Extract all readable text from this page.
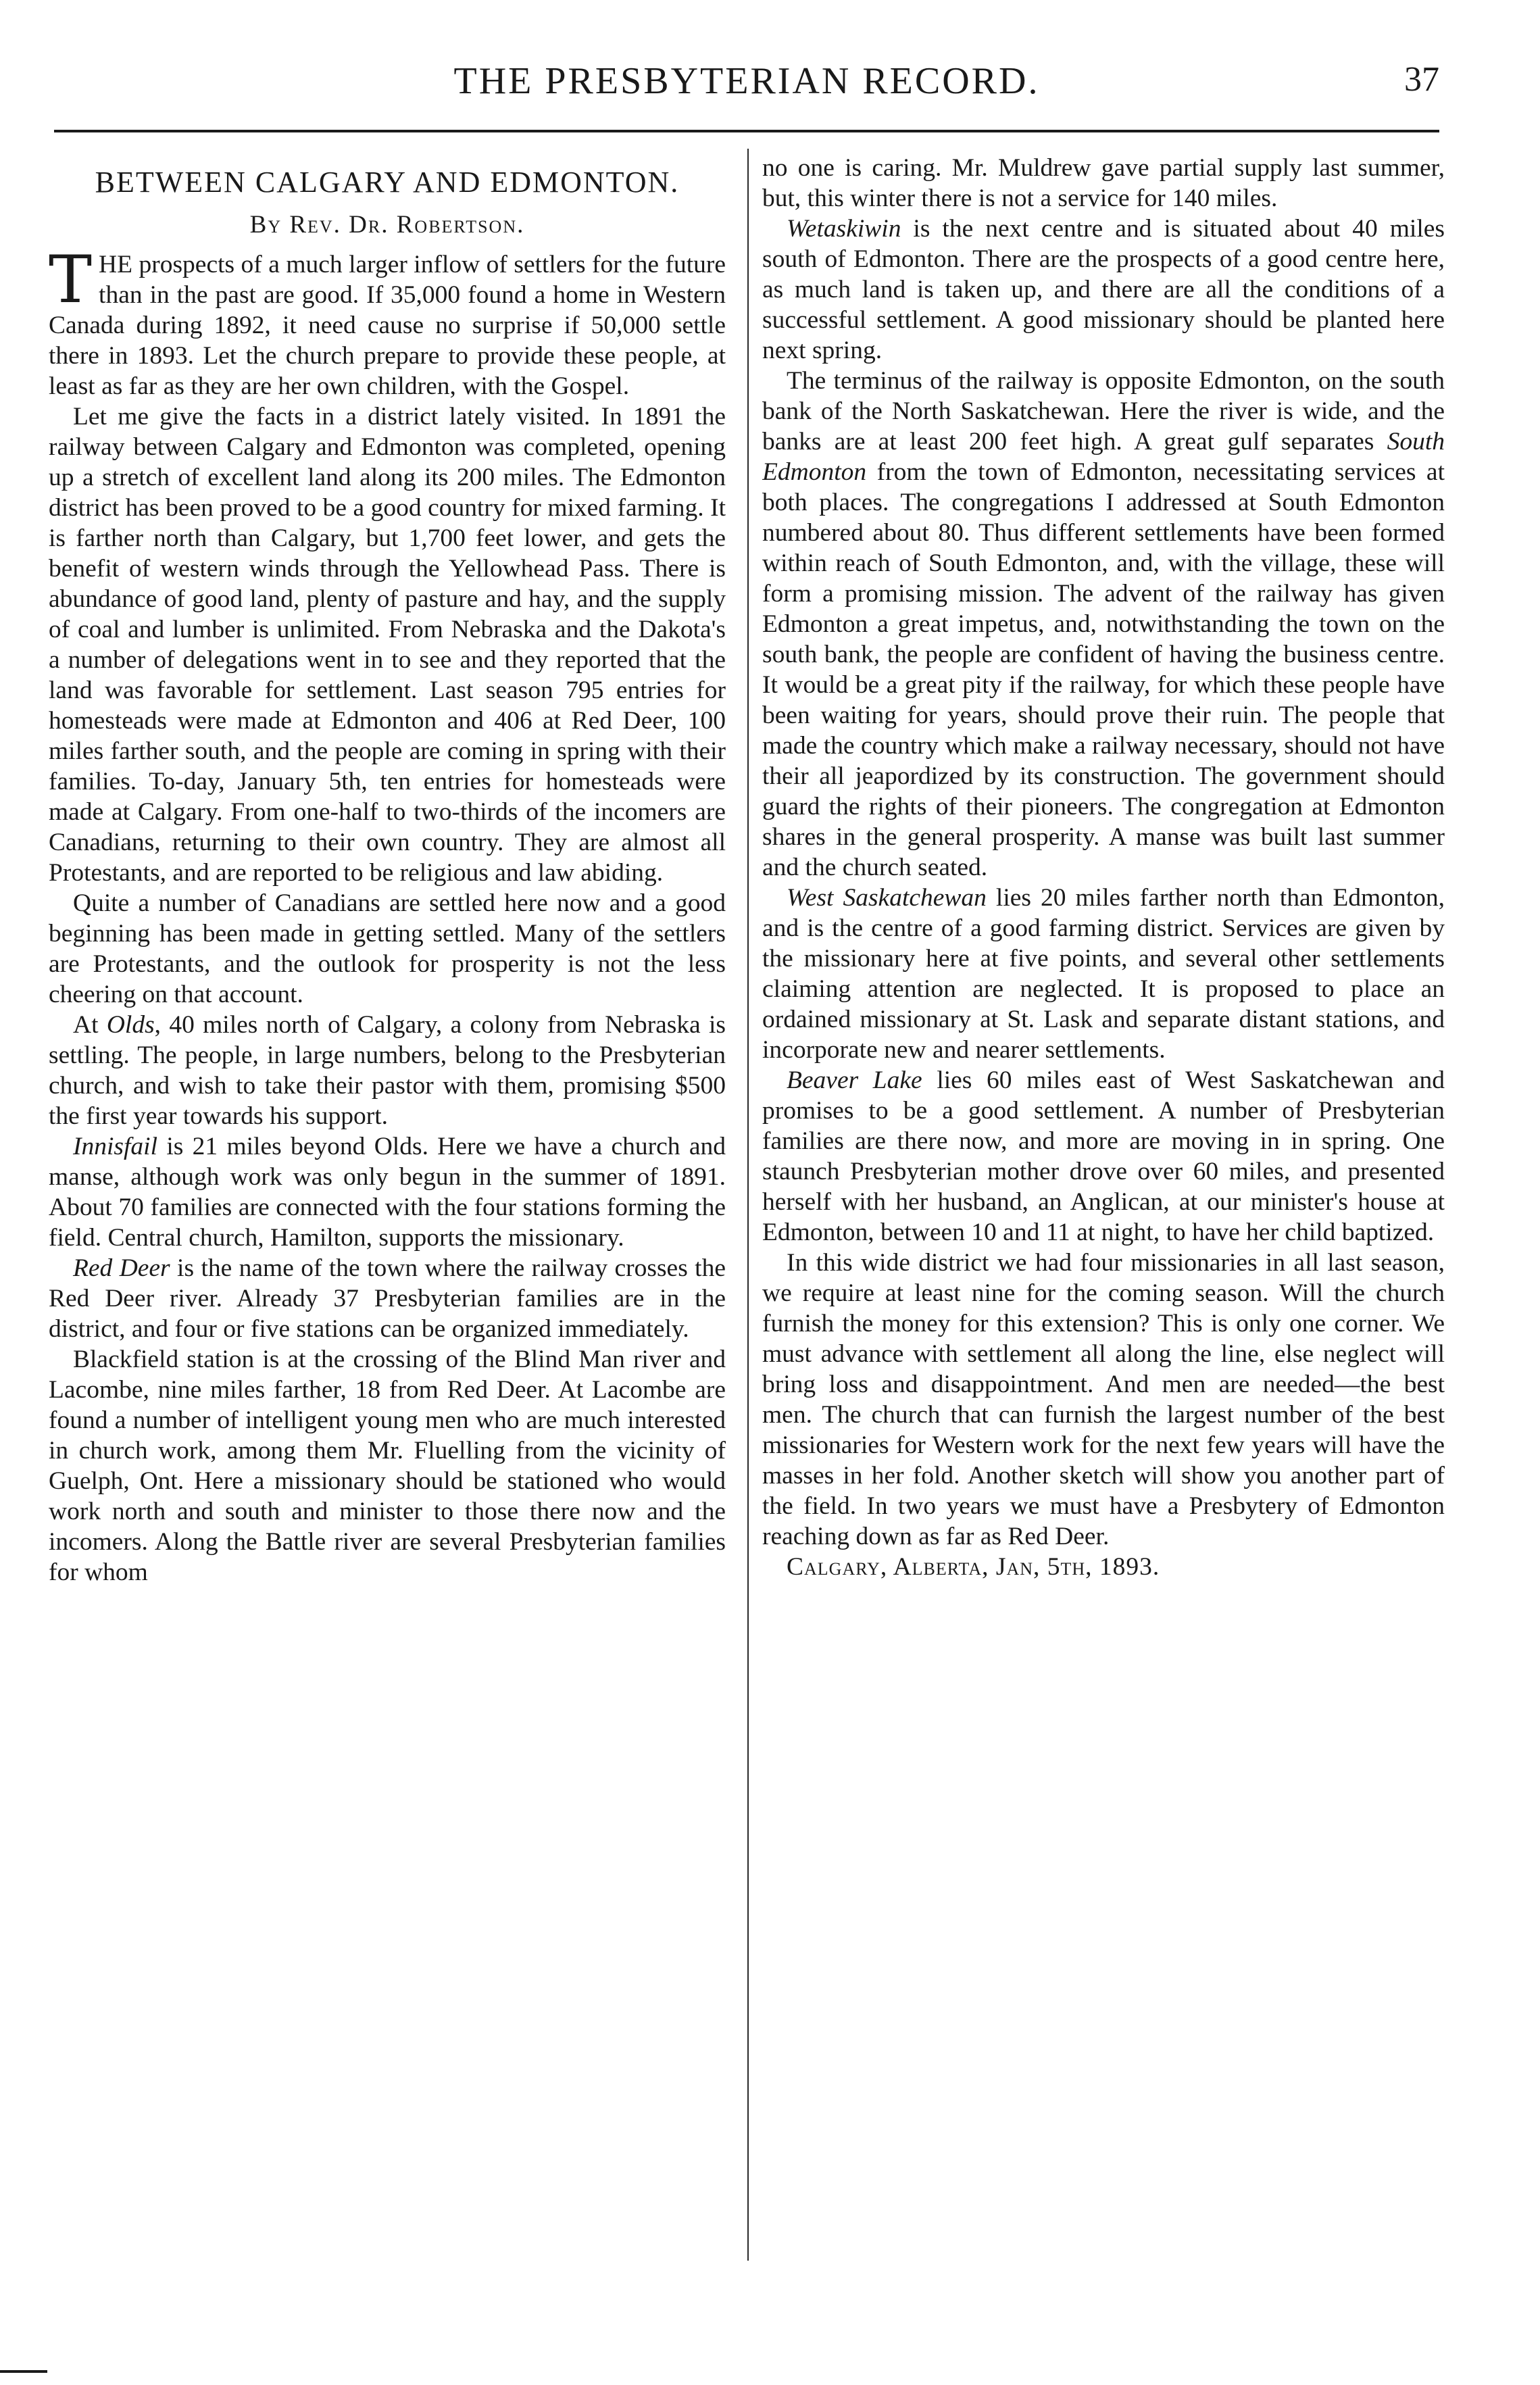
THE PRESBYTERIAN RECORD.	37
BETWEEN CALGARY AND EDMONTON.
By Rev. Dr. Robertson.

THE prospects of a much larger inflow of settlers for the future than in the past are good. If 35,000 found a home in Western Canada during 1892, it need cause no surprise if 50,000 settle there in 1893. Let the church prepare to provide these people, at least as far as they are her own children, with the Gospel.

Let me give the facts in a district lately visited. In 1891 the railway between Calgary and Edmonton was completed, opening up a stretch of excellent land along its 200 miles. The Edmonton district has been proved to be a good country for mixed farming. It is farther north than Calgary, but 1,700 feet lower, and gets the benefit of western winds through the Yellowhead Pass. There is abundance of good land, plenty of pasture and hay, and the supply of coal and lumber is unlimited. From Nebraska and the Dakota's a number of delegations went in to see and they reported that the land was favorable for settlement. Last season 795 entries for homesteads were made at Edmonton and 406 at Red Deer, 100 miles farther south, and the people are coming in spring with their families. To-day, January 5th, ten entries for homesteads were made at Calgary. From one-half to two-thirds of the incomers are Canadians, returning to their own country. They are almost all Protestants, and are reported to be religious and law abiding.

Quite a number of Canadians are settled here now and a good beginning has been made in getting settled. Many of the settlers are Protestants, and the outlook for prosperity is not the less cheering on that account.

At Olds, 40 miles north of Calgary, a colony from Nebraska is settling. The people, in large numbers, belong to the Presbyterian church, and wish to take their pastor with them, promising $500 the first year towards his support.

Innisfail is 21 miles beyond Olds. Here we have a church and manse, although work was only begun in the summer of 1891. About 70 families are connected with the four stations forming the field. Central church, Hamilton, supports the missionary.

Red Deer is the name of the town where the railway crosses the Red Deer river. Already 37 Presbyterian families are in the district, and four or five stations can be organized immediately.

Blackfield station is at the crossing of the Blind Man river and Lacombe, nine miles farther, 18 from Red Deer. At Lacombe are found a number of intelligent young men who are much interested in church work, among them Mr. Fluelling from the vicinity of Guelph, Ont. Here a missionary should be stationed who would work north and south and minister to those there now and the incomers. Along the Battle river are several Presbyterian families for whom

no one is caring. Mr. Muldrew gave partial supply last summer, but, this winter there is not a service for 140 miles.

Wetaskiwin is the next centre and is situated about 40 miles south of Edmonton. There are the prospects of a good centre here, as much land is taken up, and there are all the conditions of a successful settlement. A good missionary should be planted here next spring.

The terminus of the railway is opposite Edmonton, on the south bank of the North Saskatchewan. Here the river is wide, and the banks are at least 200 feet high. A great gulf separates South Edmonton from the town of Edmonton, necessitating services at both places. The congregations I addressed at South Edmonton numbered about 80. Thus different settlements have been formed within reach of South Edmonton, and, with the village, these will form a promising mission. The advent of the railway has given Edmonton a great impetus, and, notwithstanding the town on the south bank, the people are confident of having the business centre. It would be a great pity if the railway, for which these people have been waiting for years, should prove their ruin. The people that made the country which make a railway necessary, should not have their all jeapordized by its construction. The government should guard the rights of their pioneers. The congregation at Edmonton shares in the general prosperity. A manse was built last summer and the church seated.

West Saskatchewan lies 20 miles farther north than Edmonton, and is the centre of a good farming district. Services are given by the missionary here at five points, and several other settlements claiming attention are neglected. It is proposed to place an ordained missionary at St. Lask and separate distant stations, and incorporate new and nearer settlements.

Beaver Lake lies 60 miles east of West Saskatchewan and promises to be a good settlement. A number of Presbyterian families are there now, and more are moving in in spring. One staunch Presbyterian mother drove over 60 miles, and presented herself with her husband, an Anglican, at our minister's house at Edmonton, between 10 and 11 at night, to have her child baptized.

In this wide district we had four missionaries in all last season, we require at least nine for the coming season. Will the church furnish the money for this extension? This is only one corner. We must advance with settlement all along the line, else neglect will bring loss and disappointment. And men are needed—the best men. The church that can furnish the largest number of the best missionaries for Western work for the next few years will have the masses in her fold. Another sketch will show you another part of the field. In two years we must have a Presbytery of Edmonton reaching down as far as Red Deer.

Calgary, Alberta, Jan, 5th, 1893.
